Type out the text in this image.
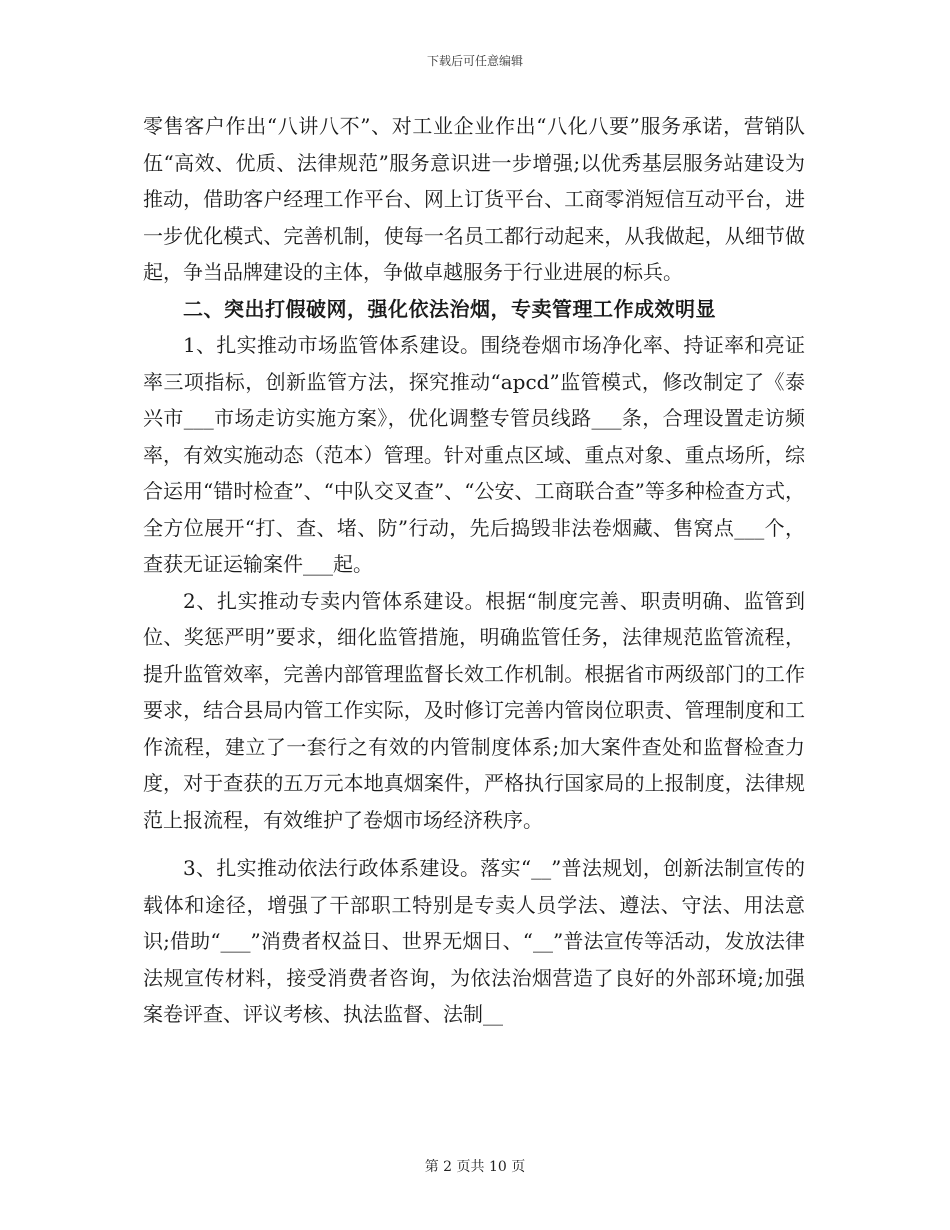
下载后可任意编辑

零售客户作出“八讲八不”、对工业企业作出“八化八要”服务承诺，营销队伍“高效、优质、法律规范”服务意识进一步增强;以优秀基层服务站建设为推动，借助客户经理工作平台、网上订货平台、工商零消短信互动平台，进一步优化模式、完善机制，使每一名员工都行动起来，从我做起，从细节做起，争当品牌建设的主体，争做卓越服务于行业进展的标兵。

二、突出打假破网，强化依法治烟，专卖管理工作成效明显

1、扎实推动市场监管体系建设。围绕卷烟市场净化率、持证率和亮证率三项指标，创新监管方法，探究推动“apcd”监管模式，修改制定了《泰兴市___市场走访实施方案》，优化调整专管员线路___条，合理设置走访频率，有效实施动态（范本）管理。针对重点区域、重点对象、重点场所，综合运用“错时检查”、“中队交叉查”、“公安、工商联合查”等多种检查方式，全方位展开“打、查、堵、防”行动，先后捣毁非法卷烟藏、售窝点___个，查获无证运输案件___起。

2、扎实推动专卖内管体系建设。根据“制度完善、职责明确、监管到位、奖惩严明”要求，细化监管措施，明确监管任务，法律规范监管流程，提升监管效率，完善内部管理监督长效工作机制。根据省市两级部门的工作要求，结合县局内管工作实际，及时修订完善内管岗位职责、管理制度和工作流程，建立了一套行之有效的内管制度体系;加大案件查处和监督检查力度，对于查获的五万元本地真烟案件，严格执行国家局的上报制度，法律规范上报流程，有效维护了卷烟市场经济秩序。

3、扎实推动依法行政体系建设。落实“__”普法规划，创新法制宣传的载体和途径，增强了干部职工特别是专卖人员学法、遵法、守法、用法意识;借助“___”消费者权益日、世界无烟日、“__”普法宣传等活动，发放法律法规宣传材料，接受消费者咨询，为依法治烟营造了良好的外部环境;加强案卷评查、评议考核、执法监督、法制__

第 2 页共 10 页
